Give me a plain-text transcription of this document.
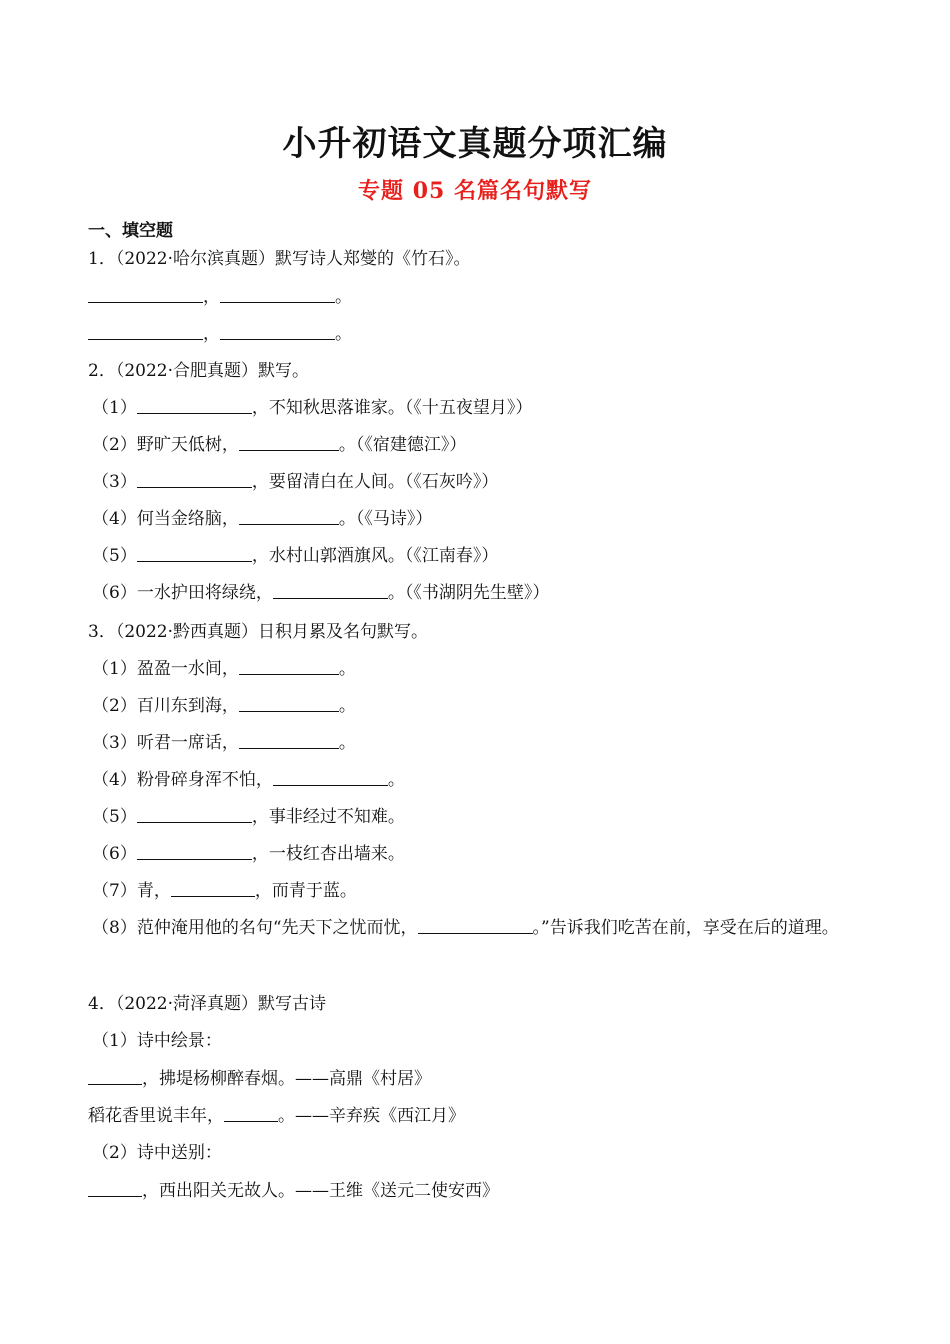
小升初语文真题分项汇编
专题 05 名篇名句默写
一、填空题
1．（2022·哈尔滨真题）默写诗人郑燮的《竹石》。
，	。
，	。
2．（2022·合肥真题）默写。
（1）	，不知秋思落谁家。（《十五夜望月》）
（2）野旷天低树，	。（《宿建德江》）
（3）	，要留清白在人间。（《石灰吟》）
（4）何当金络脑，	。（《马诗》）
（5）	，水村山郭酒旗风。（《江南春》）
（6）一水护田将绿绕，	。（《书湖阴先生壁》）
3．（2022·黔西真题）日积月累及名句默写。
（1）盈盈一水间，	。
（2）百川东到海，	。
（3）听君一席话，	。
（4）粉骨碎身浑不怕，	。
（5）	，事非经过不知难。
（6）	，一枝红杏出墙来。
（7）青，	，而青于蓝。
（8）范仲淹用他的名句“先天下之忧而忧，	。”告诉我们吃苦在前，享受在后的道理。
4．（2022·菏泽真题）默写古诗
（1）诗中绘景：
，拂堤杨柳醉春烟。——高鼎《村居》
稻花香里说丰年，	。——辛弃疾《西江月》
（2）诗中送别：
，西出阳关无故人。——王维《送元二使安西》
